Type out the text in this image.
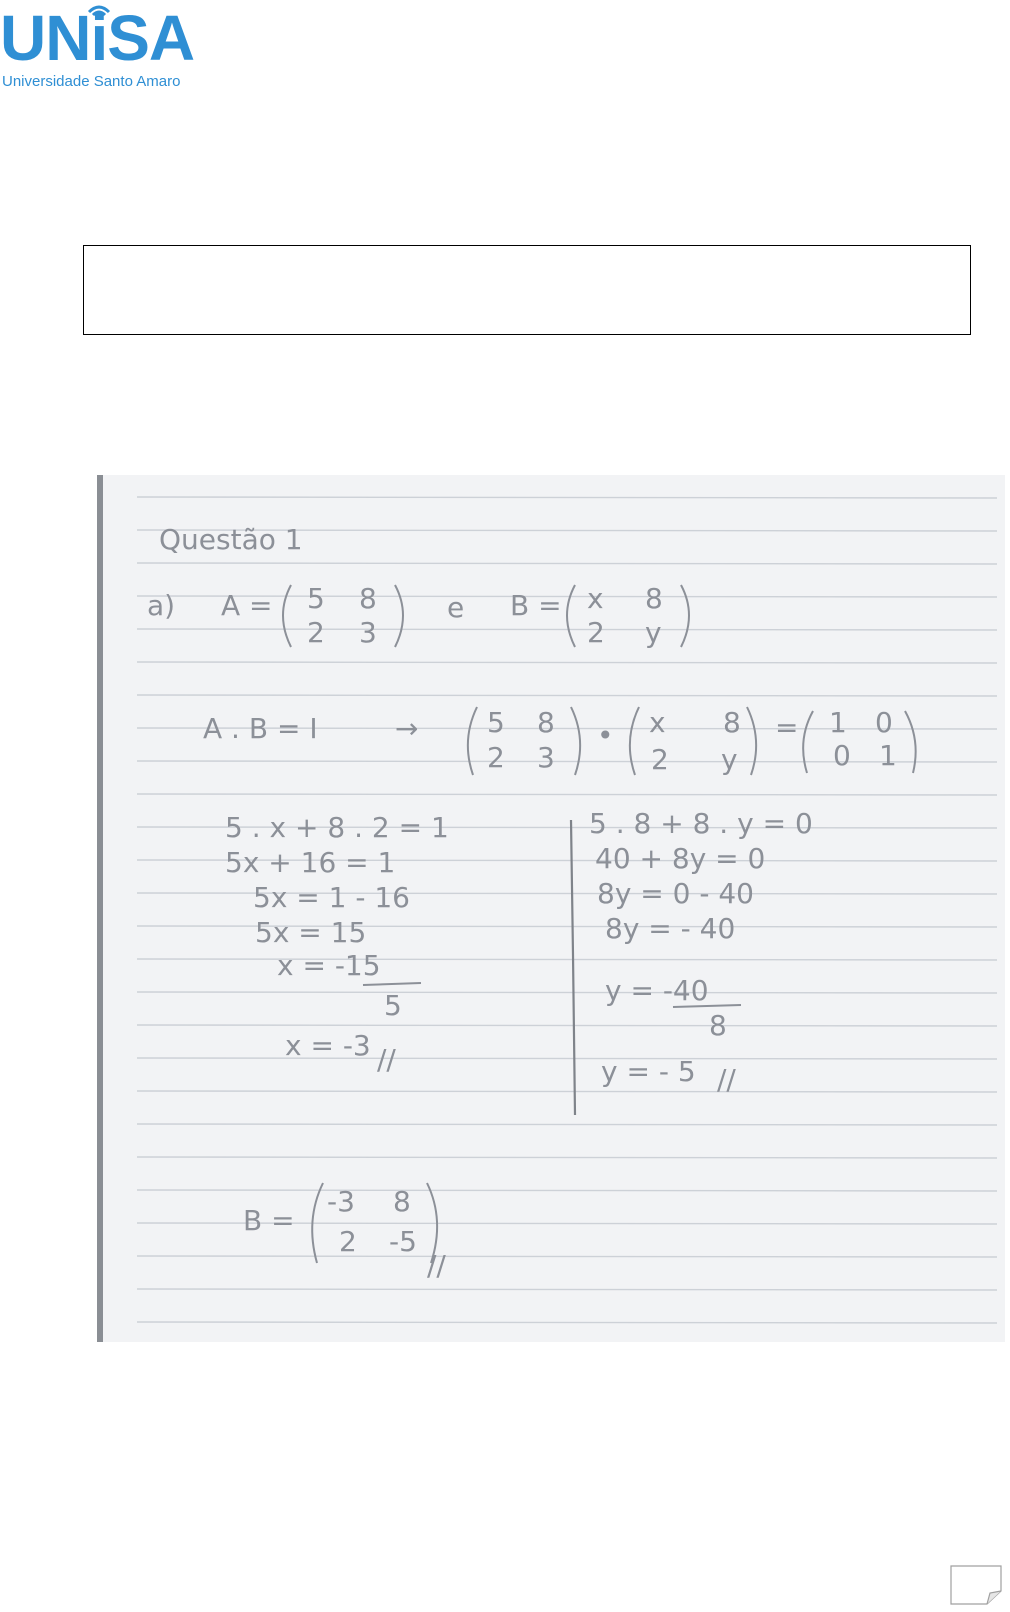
UNiSA
Universidade Santo Amaro
Questão 1
a) A = 5 8
2 3
e B = x 8
2 y
A . B = I	→ 5 8
2 3
• x 8
2 y
= 1 0
0 1
5 . x + 8 . 2 = 1
5x + 16 = 1
5x = 1 - 16
5x = 15
x = -15
5
x = -3 //
5 . 8 + 8 . y = 0
40 + 8y = 0
8y = 0 - 40
8y = - 40
y = -40
8
y = - 5 //
B =
-3 8
2 -5
//
